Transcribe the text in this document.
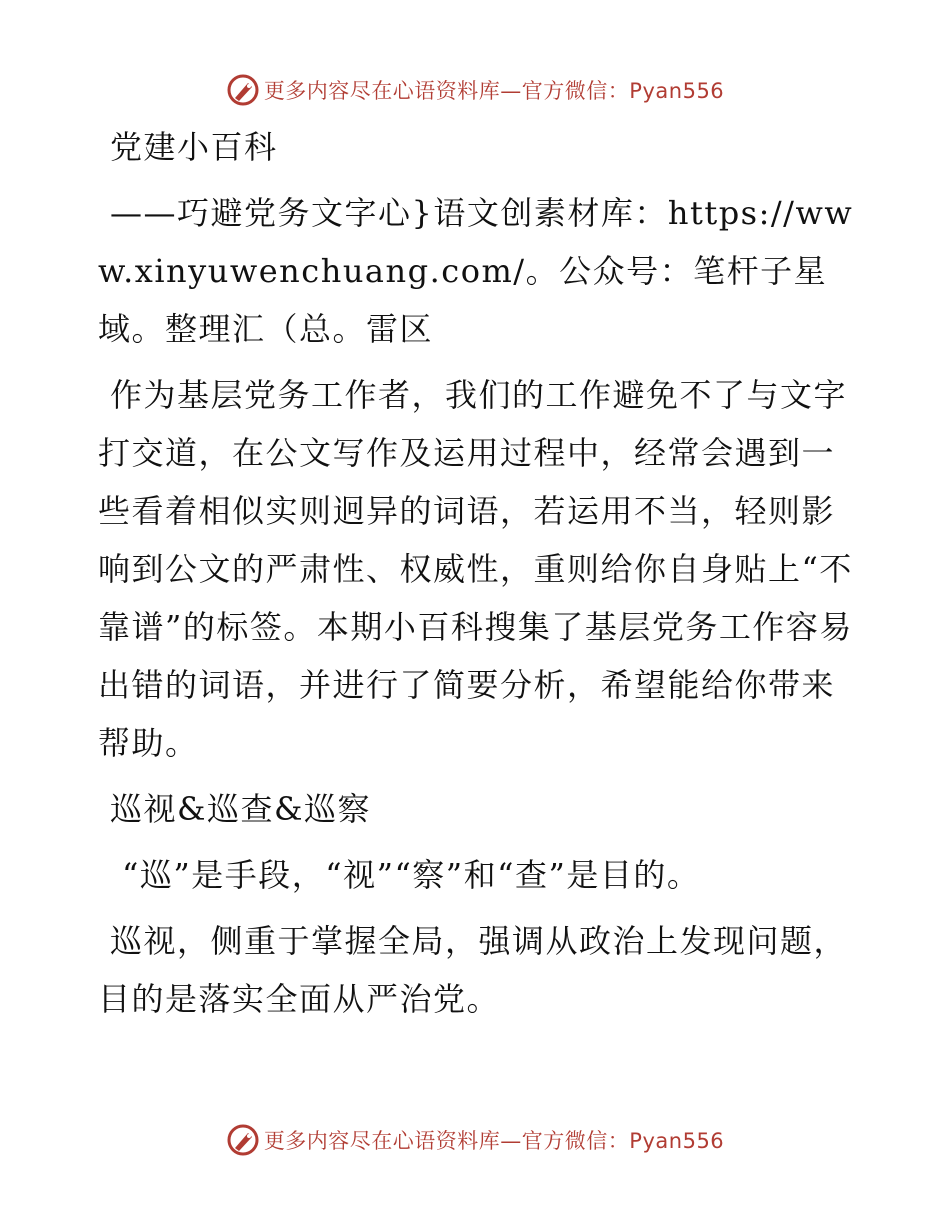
更多内容尽在心语资料库—官方微信：Pyan556

党建小百科

——巧避党务文字心}语文创素材库：https://www.xinyuwenchuang.com/。公众号：笔杆子星域。整理汇（总。雷区

作为基层党务工作者，我们的工作避免不了与文字打交道，在公文写作及运用过程中，经常会遇到一些看着相似实则迥异的词语，若运用不当，轻则影响到公文的严肃性、权威性，重则给你自身贴上“不靠谱”的标签。本期小百科搜集了基层党务工作容易出错的词语，并进行了简要分析，希望能给你带来帮助。

巡视&巡查&巡察

“巡”是手段，“视”“察”和“查”是目的。

巡视，侧重于掌握全局，强调从政治上发现问题，目的是落实全面从严治党。

更多内容尽在心语资料库—官方微信：Pyan556
